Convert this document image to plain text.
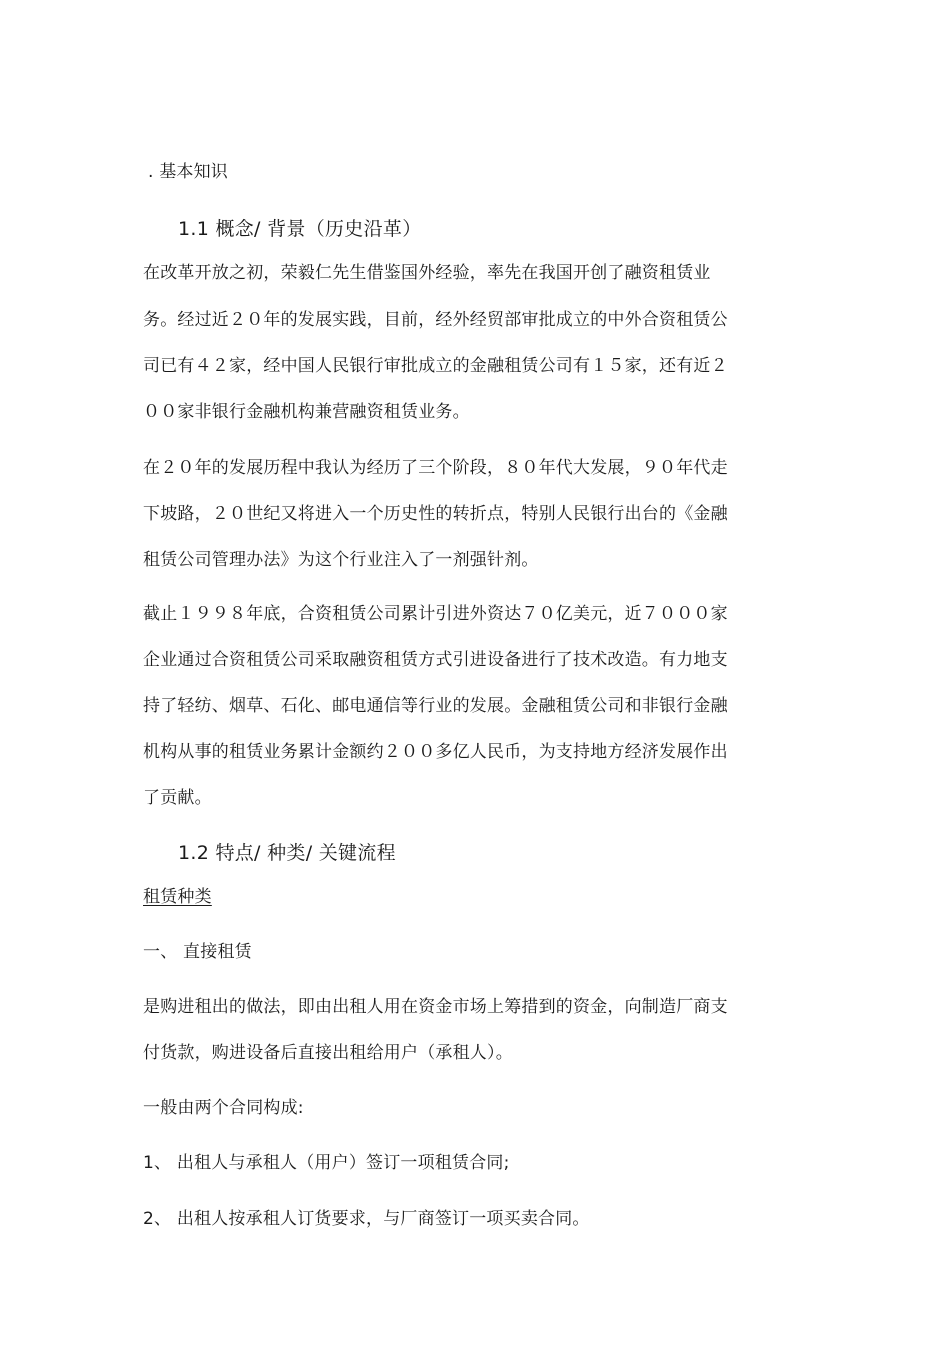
. 基本知识
1.1 概念/ 背景（历史沿革）
在改革开放之初，荣毅仁先生借鉴国外经验，率先在我国开创了融资租赁业
务。经过近２０年的发展实践，目前，经外经贸部审批成立的中外合资租赁公
司已有４２家，经中国人民银行审批成立的金融租赁公司有１５家，还有近２
００家非银行金融机构兼营融资租赁业务。
在２０年的发展历程中我认为经历了三个阶段，８０年代大发展，９０年代走
下坡路，２０世纪又将进入一个历史性的转折点，特别人民银行出台的《金融
租赁公司管理办法》为这个行业注入了一剂强针剂。
截止１９９８年底，合资租赁公司累计引进外资达７０亿美元，近７０００家
企业通过合资租赁公司采取融资租赁方式引进设备进行了技术改造。有力地支
持了轻纺、烟草、石化、邮电通信等行业的发展。金融租赁公司和非银行金融
机构从事的租赁业务累计金额约２００多亿人民币，为支持地方经济发展作出
了贡献。
1.2 特点/ 种类/ 关键流程
租赁种类
一、 直接租赁
是购进租出的做法，即由出租人用在资金市场上筹措到的资金，向制造厂商支
付货款，购进设备后直接出租给用户（承租人）。
一般由两个合同构成:
1、 出租人与承租人（用户）签订一项租赁合同;
2、 出租人按承租人订货要求，与厂商签订一项买卖合同。
